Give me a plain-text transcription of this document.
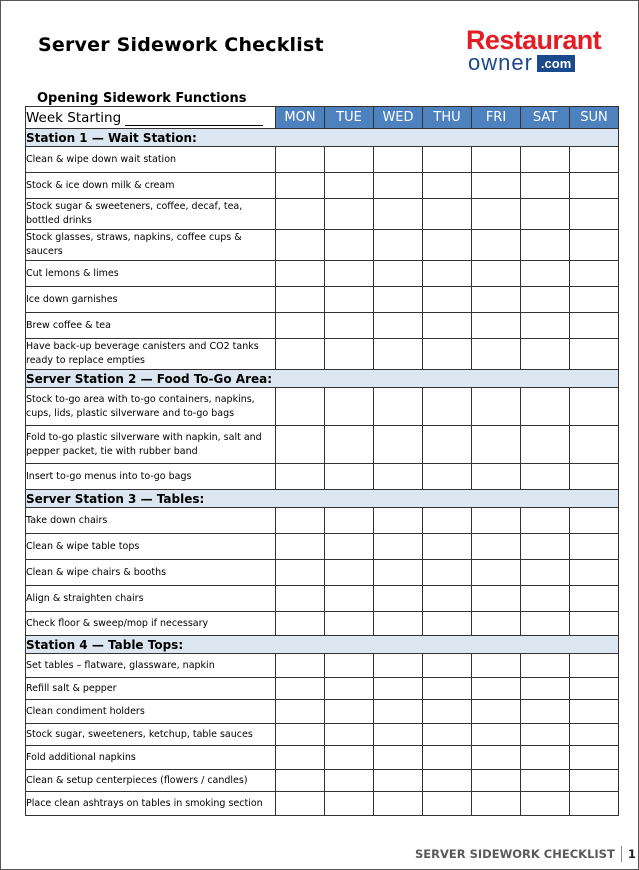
Server Sidework Checklist	Restaurant
owner .com
Opening Sidework Functions
Week Starting	MON	TUE	WED	THU	FRI	SAT	SUN
Station 1 — Wait Station:							
Clean & wipe down wait station							
Stock & ice down milk & cream							
Stock sugar & sweeteners, coffee, decaf, tea, bottled drinks							
Stock glasses, straws, napkins, coffee cups & saucers							
Cut lemons & limes							
Ice down garnishes							
Brew coffee & tea							
Have back-up beverage canisters and CO2 tanks ready to replace empties							
Server Station 2 — Food To-Go Area:							
Stock to-go area with to-go containers, napkins, cups, lids, plastic silverware and to-go bags							
Fold to-go plastic silverware with napkin, salt and pepper packet, tie with rubber band							
Insert to-go menus into to-go bags							
Server Station 3 — Tables:							
Take down chairs							
Clean & wipe table tops							
Clean & wipe chairs & booths							
Align & straighten chairs							
Check floor & sweep/mop if necessary							
Station 4 — Table Tops:							
Set tables – flatware, glassware, napkin							
Refill salt & pepper							
Clean condiment holders							
Stock sugar, sweeteners, ketchup, table sauces							
Fold additional napkins							
Clean & setup centerpieces (flowers / candles)							
Place clean ashtrays on tables in smoking section							
SERVER SIDEWORK CHECKLIST 1
